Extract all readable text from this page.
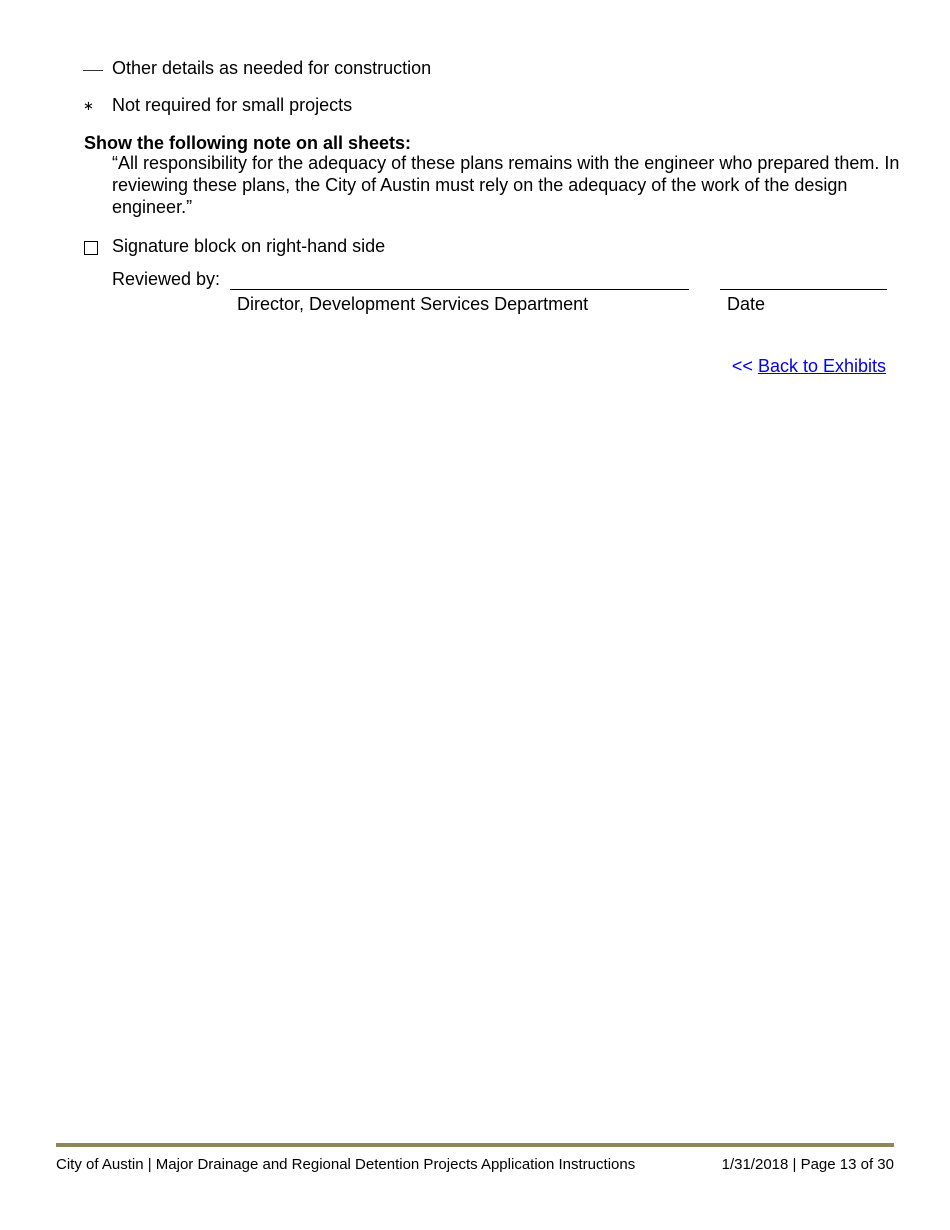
Other details as needed for construction
∗ Not required for small projects
Show the following note on all sheets:
“All responsibility for the adequacy of these plans remains with the engineer who prepared them. In reviewing these plans, the City of Austin must rely on the adequacy of the work of the design engineer.”
Signature block on right-hand side
Reviewed by:
Director, Development Services Department	Date
<< Back to Exhibits
City of Austin | Major Drainage and Regional Detention Projects Application Instructions	1/31/2018 | Page 13 of 30
